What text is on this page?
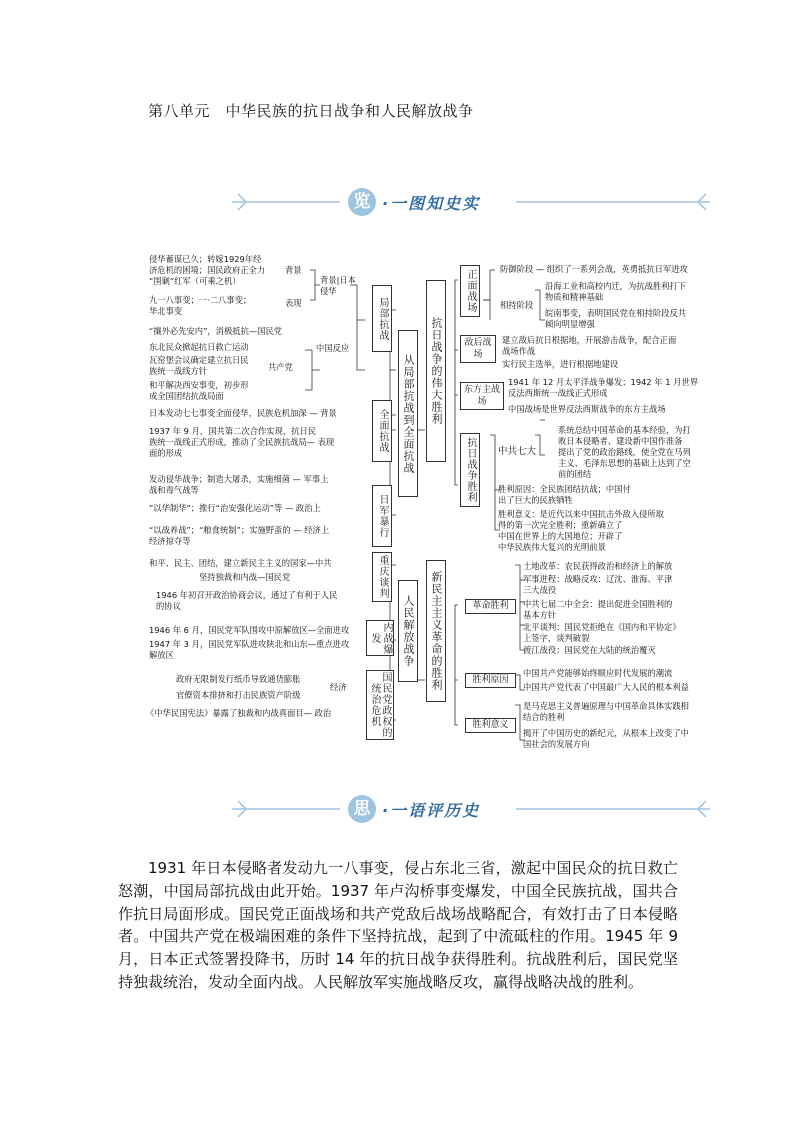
第八单元　中华民族的抗日战争和人民解放战争
览 ·一图知史实
从局部抗战到全面抗战
人民解放战争
抗日战争的伟大胜利
新民主主义革命的胜利
局部抗战
全面抗战
日军暴行
重庆谈判
内战爆发
国民党政权的统治危机
正面战场
敌后战场
东方主战场
抗日战争胜利
革命胜利
胜利原因
胜利意义
侵华蓄谋已久；转嫁1929年经
济危机的困境；国民政府正全力
“围剿”红军（可乘之机）
背景
背景|日本
侵华
九一八事变；一·二八事变；
华北事变
表现
“攘外必先安内”，消极抵抗—国民党
东北民众掀起抗日救亡运动
瓦窑堡会议确定建立抗日民
族统一战线方针	共产党
中国反应
和平解决西安事变，初步形
成全国团结抗战局面
日本发动七七事变全面侵华，民族危机加深 — 背景
1937 年 9 月，国共第二次合作实现，抗日民
族统一战线正式形成，推动了全民族抗战局— 表现
面的形成
发动侵华战争；制造大屠杀，实施细菌 — 军事上
战和毒气战等
“以华制华”；推行“治安强化运动”等 — 政治上
“以战养战”；“粮食统制”；实施野蛮的 — 经济上
经济掠夺等
和平、民主、团结，建立新民主主义的国家—中共
坚持独裁和内战—国民党
1946 年初召开政治协商会议，通过了有利于人民
的协议
1946 年 6 月，国民党军队围攻中原解放区—全面进攻
1947 年 3 月，国民党军队进攻陕北和山东—重点进攻
解放区
政府无限制发行纸币导致通货膨胀
官僚资本排挤和打击民族资产阶级
经济
《中华民国宪法》暴露了独裁和内战真面目— 政治
防御阶段 — 组织了一系列会战，英勇抵抗日军进攻
沿海工业和高校内迁，为抗战胜利打下
物质和精神基础
相持阶段
皖南事变，表明国民党在相持阶段反共
倾向明显增强
建立敌后抗日根据地，开展游击战争，配合正面
战场作战
实行民主选举，进行根据地建设
1941 年 12 月太平洋战争爆发；1942 年 1 月世界
反法西斯统一战线正式形成
中国战场是世界反法西斯战争的东方主战场
中共七大
系统总结中国革命的基本经验，为打
败日本侵略者、建设新中国作准备
提出了党的政治路线，使全党在马列
主义、毛泽东思想的基础上达到了空
前的团结
胜利原因：全民族团结抗战；中国付
出了巨大的民族牺牲
胜利意义：是近代以来中国抗击外敌入侵所取
得的第一次完全胜利；重新确立了
中国在世界上的大国地位；开辟了
中华民族伟大复兴的光明前景
土地改革：农民获得政治和经济上的解放
军事进程：战略反攻：辽沈、淮海、平津
三大战役
中共七届二中全会：提出促进全国胜利的
基本方针
北平谈判：国民党拒绝在《国内和平协定》
上签字，谈判破裂
渡江战役：国民党在大陆的统治覆灭
中国共产党能够始终顺应时代发展的潮流
中国共产党代表了中国最广大人民的根本利益
是马克思主义普遍原理与中国革命具体实践相
结合的胜利
揭开了中国历史的新纪元，从根本上改变了中
国社会的发展方向
思 ·一语评历史
1931 年日本侵略者发动九一八事变，侵占东北三省，激起中国民众的抗日救亡怒潮，中国局部抗战由此开始。1937 年卢沟桥事变爆发，中国全民族抗战，国共合作抗日局面形成。国民党正面战场和共产党敌后战场战略配合，有效打击了日本侵略者。中国共产党在极端困难的条件下坚持抗战，起到了中流砥柱的作用。1945 年 9 月，日本正式签署投降书，历时 14 年的抗日战争获得胜利。抗战胜利后，国民党坚持独裁统治，发动全面内战。人民解放军实施战略反攻，赢得战略决战的胜利。
